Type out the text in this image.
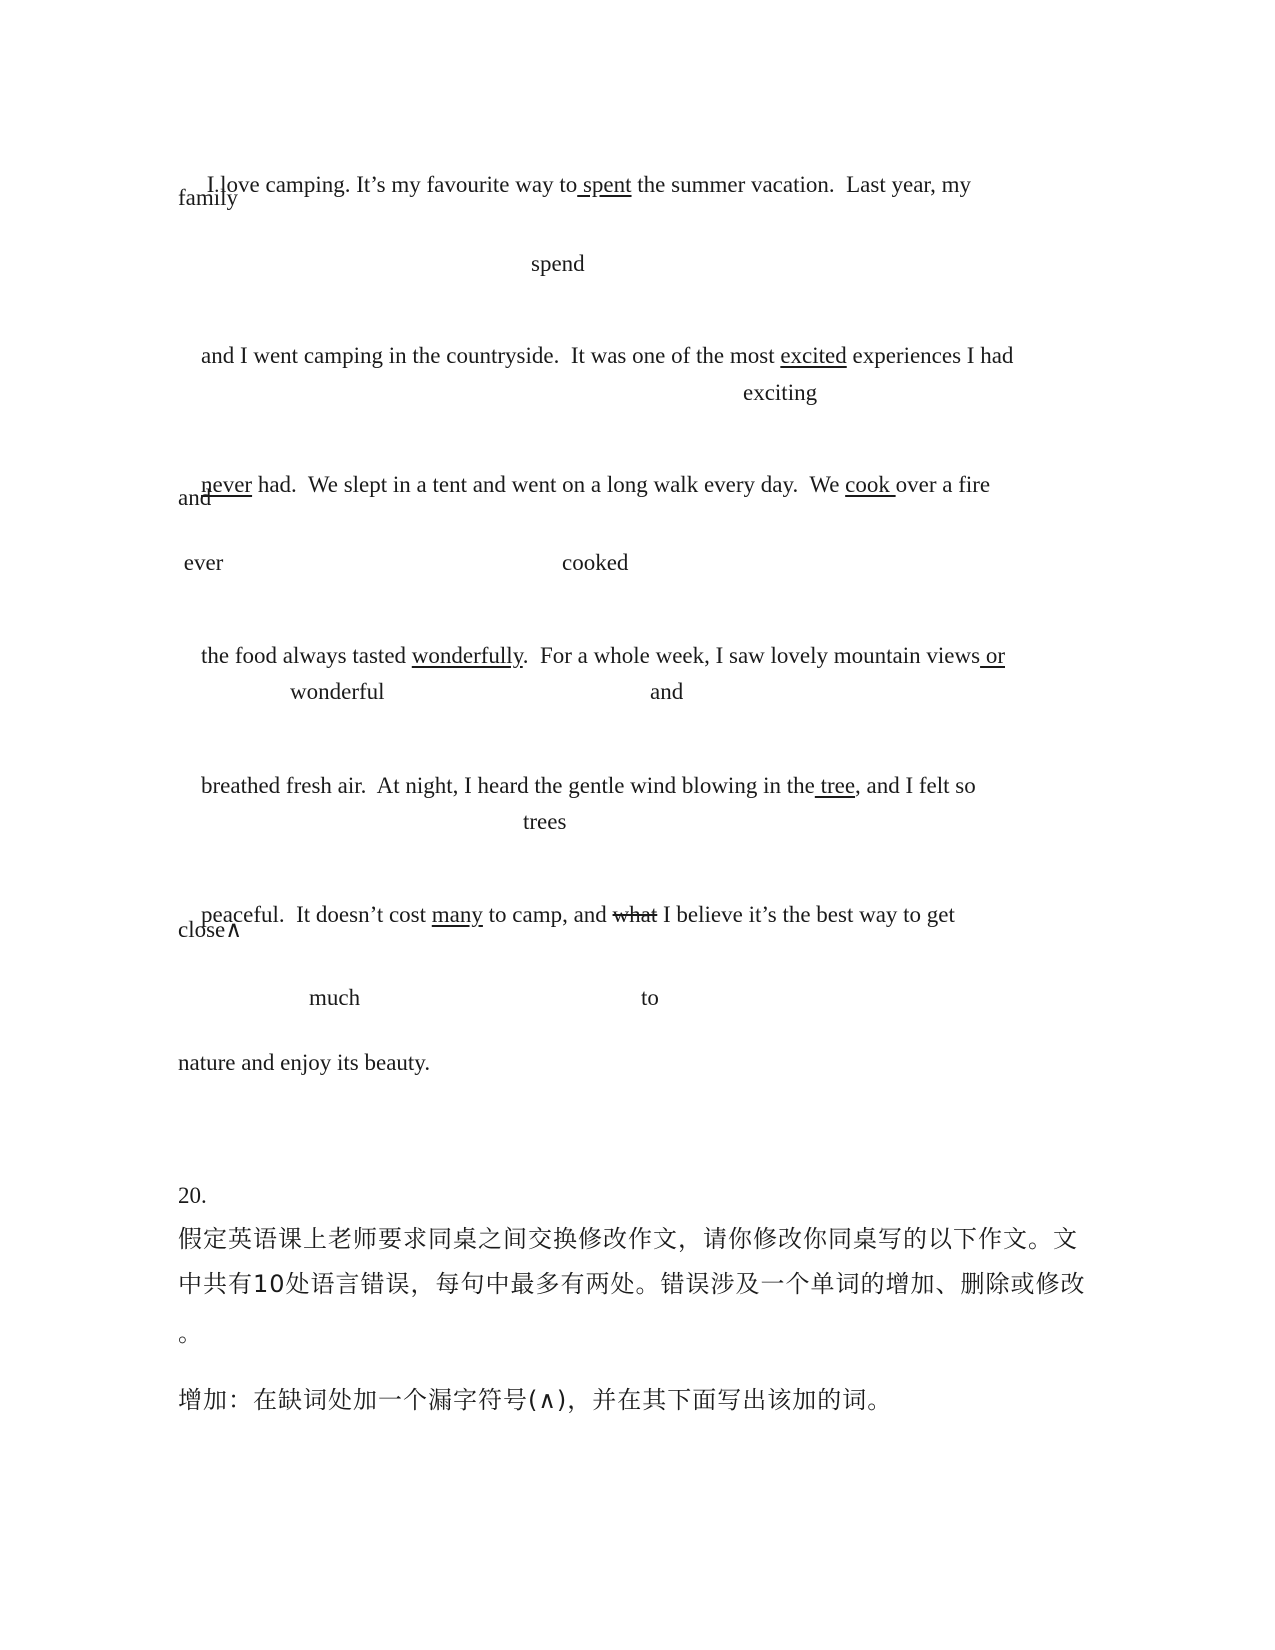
I love camping. It’s my favourite way to spent the summer vacation.  Last year, my

family
spend

and I went camping in the countryside.  It was one of the most excited experiences I had

exciting

never had.  We slept in a tent and went on a long walk every day.  We cook over a fire

and
ever	cooked

the food always tasted wonderfully.  For a whole week, I saw lovely mountain views or

wonderful	and

breathed fresh air.  At night, I heard the gentle wind blowing in the tree, and I felt so

trees

peaceful.  It doesn’t cost many to camp, and what I believe it’s the best way to get

close∧
much	to
nature and enjoy its beauty.
20.
假定英语课上老师要求同桌之间交换修改作文，请你修改你同桌写的以下作文。文
中共有10处语言错误，每句中最多有两处。错误涉及一个单词的增加、删除或修改
。
增加：在缺词处加一个漏字符号(∧)，并在其下面写出该加的词。
